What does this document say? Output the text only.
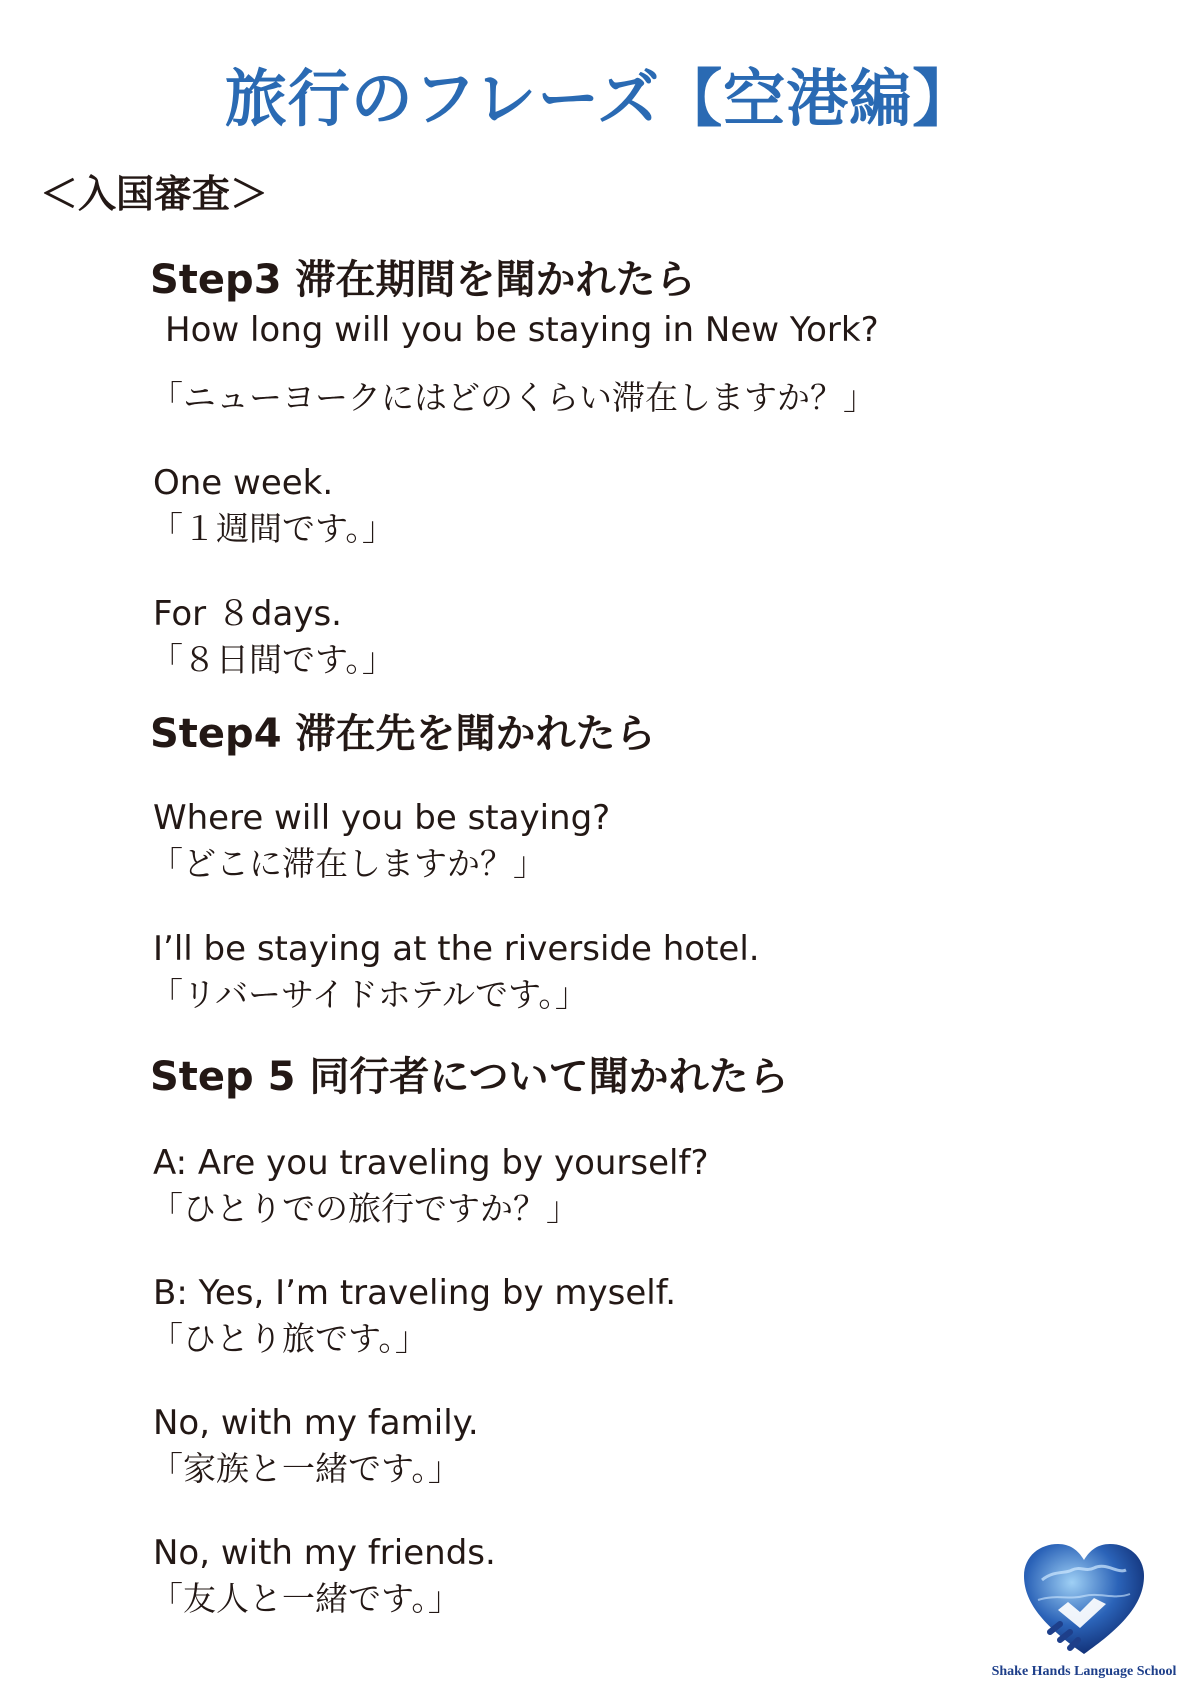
旅行のフレーズ【空港編】
＜入国審査＞
Step3 滞在期間を聞かれたら
How long will you be staying in New York?
「ニューヨークにはどのくらい滞在しますか？」
One week.
「１週間です。」
For ８days.
「８日間です。」
Step4 滞在先を聞かれたら
Where will you be staying?
「どこに滞在しますか？」
I’ll be staying at the riverside hotel.
「リバーサイドホテルです。」
Step 5 同行者について聞かれたら
A: Are you traveling by yourself?
「ひとりでの旅行ですか？」
B: Yes, I’m traveling by myself.
「ひとり旅です。」
No, with my family.
「家族と一緒です。」
No, with my friends.
「友人と一緒です。」
Shake Hands Language School
